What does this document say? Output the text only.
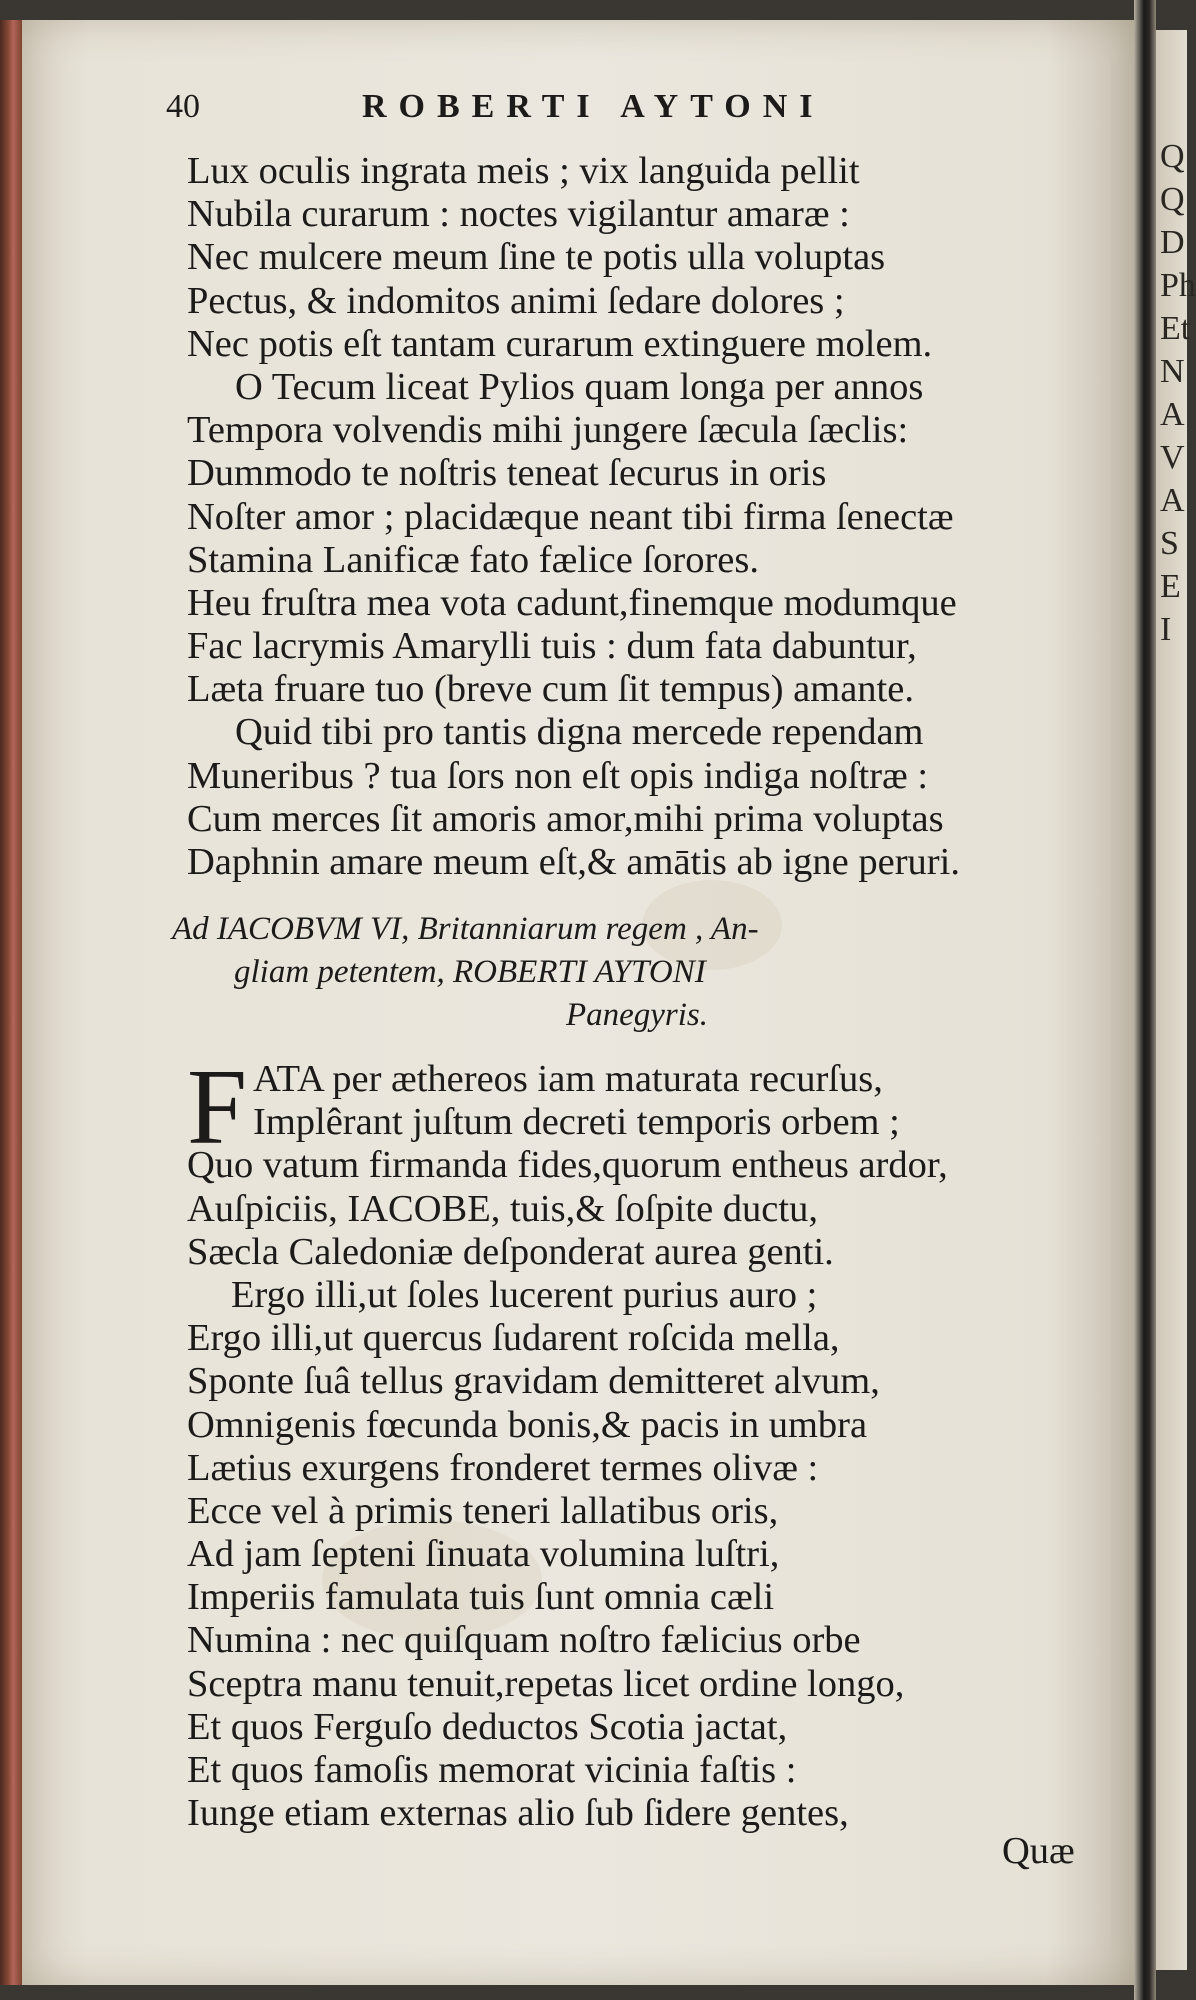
40	ROBERTI AYTONI
Lux oculis ingrata meis ; vix languida pellit
Nubila curarum : noctes vigilantur amaræ :
Nec mulcere meum ſine te potis ulla voluptas
Pectus, & indomitos animi ſedare dolores ;
Nec potis eſt tantam curarum extinguere molem.
O Tecum liceat Pylios quam longa per annos
Tempora volvendis mihi jungere ſæcula ſæclis:
Dummodo te noſtris teneat ſecurus in oris
Noſter amor ; placidæque neant tibi firma ſenectæ
Stamina Lanificæ fato fælice ſorores.
Heu fruſtra mea vota cadunt,finemque modumque
Fac lacrymis Amarylli tuis : dum fata dabuntur,
Læta fruare tuo (breve cum ſit tempus) amante.
Quid tibi pro tantis digna mercede rependam
Muneribus ? tua ſors non eſt opis indiga noſtræ :
Cum merces ſit amoris amor,mihi prima voluptas
Daphnin amare meum eſt,& amātis ab igne peruri.
Ad IACOBVM VI, Britanniarum regem , An-
gliam petentem, ROBERTI AYTONI
Panegyris.
F ATA per æthereos iam maturata recurſus,
Implêrant juſtum decreti temporis orbem ;
Quo vatum firmanda fides,quorum entheus ardor,
Auſpiciis, IACOBE, tuis,& ſoſpite ductu,
Sæcla Caledoniæ deſponderat aurea genti.
Ergo illi,ut ſoles lucerent purius auro ;
Ergo illi,ut quercus ſudarent roſcida mella,
Sponte ſuâ tellus gravidam demitteret alvum,
Omnigenis fœcunda bonis,& pacis in umbra
Lætius exurgens fronderet termes olivæ :
Ecce vel à primis teneri lallatibus oris,
Ad jam ſepteni ſinuata volumina luſtri,
Imperiis famulata tuis ſunt omnia cæli
Numina : nec quiſquam noſtro fælicius orbe
Sceptra manu tenuit,repetas licet ordine longo,
Et quos Ferguſo deductos Scotia jactat,
Et quos famoſis memorat vicinia faſtis :
Iunge etiam externas alio ſub ſidere gentes,
Quæ
Q
Q
D
Ph
Et
N
A
V
A
S
E
I
